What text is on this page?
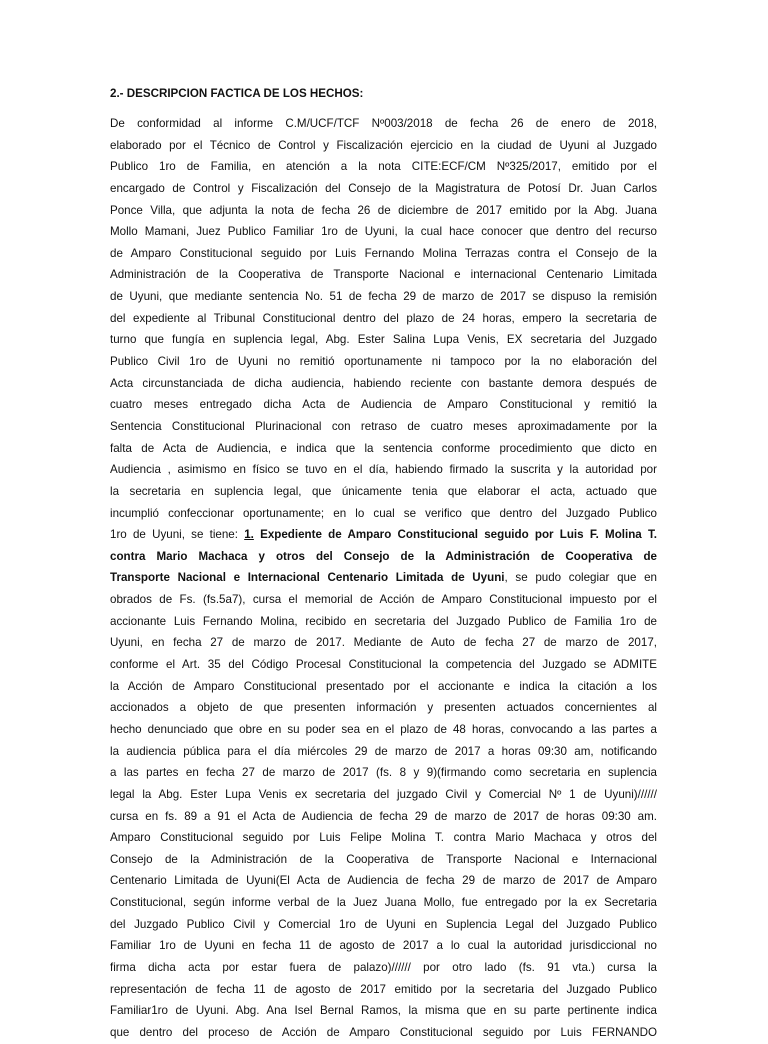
2.- DESCRIPCION FACTICA DE LOS HECHOS:
De conformidad al informe C.M/UCF/TCF Nº003/2018 de fecha 26 de enero de 2018,
elaborado por el Técnico de Control y Fiscalización ejercicio en la ciudad de Uyuni al Juzgado
Publico 1ro de Familia, en atención a la nota CITE:ECF/CM Nº325/2017, emitido por el
encargado de Control y Fiscalización del Consejo de la Magistratura de Potosí Dr. Juan Carlos
Ponce Villa, que adjunta la nota de fecha 26 de diciembre de 2017 emitido por la Abg. Juana
Mollo Mamani, Juez Publico Familiar 1ro de Uyuni, la cual hace conocer que dentro del recurso
de Amparo Constitucional seguido por Luis Fernando Molina Terrazas contra el Consejo de la
Administración de la Cooperativa de Transporte Nacional e internacional Centenario Limitada
de Uyuni, que mediante sentencia No. 51 de fecha 29 de marzo de 2017 se dispuso la remisión
del expediente al Tribunal Constitucional dentro del plazo de 24 horas, empero la secretaria de
turno que fungía en suplencia legal, Abg. Ester Salina Lupa Venis, EX secretaria del Juzgado
Publico Civil 1ro de Uyuni no remitió oportunamente ni tampoco por la no elaboración del
Acta circunstanciada de dicha audiencia, habiendo reciente con bastante demora después de
cuatro meses entregado dicha Acta de Audiencia de Amparo Constitucional y remitió la
Sentencia Constitucional Plurinacional con retraso de cuatro meses aproximadamente por la
falta de Acta de Audiencia, e indica que la sentencia conforme procedimiento que dicto en
Audiencia , asimismo en físico se tuvo en el día, habiendo firmado la suscrita y la autoridad por
la secretaria en suplencia legal, que únicamente tenia que elaborar el acta, actuado que
incumplió confeccionar oportunamente; en lo cual se verifico que dentro del Juzgado Publico
1ro de Uyuni, se tiene: 1. Expediente de Amparo Constitucional seguido por Luis F. Molina T.
contra Mario Machaca y otros del Consejo de la Administración de Cooperativa de
Transporte Nacional e Internacional Centenario Limitada de Uyuni, se pudo colegiar que en
obrados de Fs. (fs.5a7), cursa el memorial de Acción de Amparo Constitucional impuesto por el
accionante Luis Fernando Molina, recibido en secretaria del Juzgado Publico de Familia 1ro de
Uyuni, en fecha 27 de marzo de 2017. Mediante de Auto de fecha 27 de marzo de 2017,
conforme el Art. 35 del Código Procesal Constitucional la competencia del Juzgado se ADMITE
la Acción de Amparo Constitucional presentado por el accionante e indica la citación a los
accionados a objeto de que presenten información y presenten actuados concernientes al
hecho denunciado que obre en su poder sea en el plazo de 48 horas, convocando a las partes a
la audiencia pública para el día miércoles 29 de marzo de 2017 a horas 09:30 am, notificando
a las partes en fecha 27 de marzo de 2017 (fs. 8 y 9)(firmando como secretaria en suplencia
legal la Abg. Ester Lupa Venis ex secretaria del juzgado Civil y Comercial Nº 1 de Uyuni)//////
cursa en fs. 89 a 91 el Acta de Audiencia de fecha 29 de marzo de 2017 de horas 09:30 am.
Amparo Constitucional seguido por Luis Felipe Molina T. contra Mario Machaca y otros del
Consejo de la Administración de la Cooperativa de Transporte Nacional e Internacional
Centenario Limitada de Uyuni(El Acta de Audiencia de fecha 29 de marzo de 2017 de Amparo
Constitucional, según informe verbal de la Juez Juana Mollo, fue entregado por la ex Secretaria
del Juzgado Publico Civil y Comercial 1ro de Uyuni en Suplencia Legal del Juzgado Publico
Familiar 1ro de Uyuni en fecha 11 de agosto de 2017 a lo cual la autoridad jurisdiccional no
firma dicha acta por estar fuera de palazo)////// por otro lado (fs. 91 vta.) cursa la
representación de fecha 11 de agosto de 2017 emitido por la secretaria del Juzgado Publico
Familiar1ro de Uyuni. Abg. Ana Isel Bernal Ramos, la misma que en su parte pertinente indica
que dentro del proceso de Acción de Amparo Constitucional seguido por Luis FERNANDO
